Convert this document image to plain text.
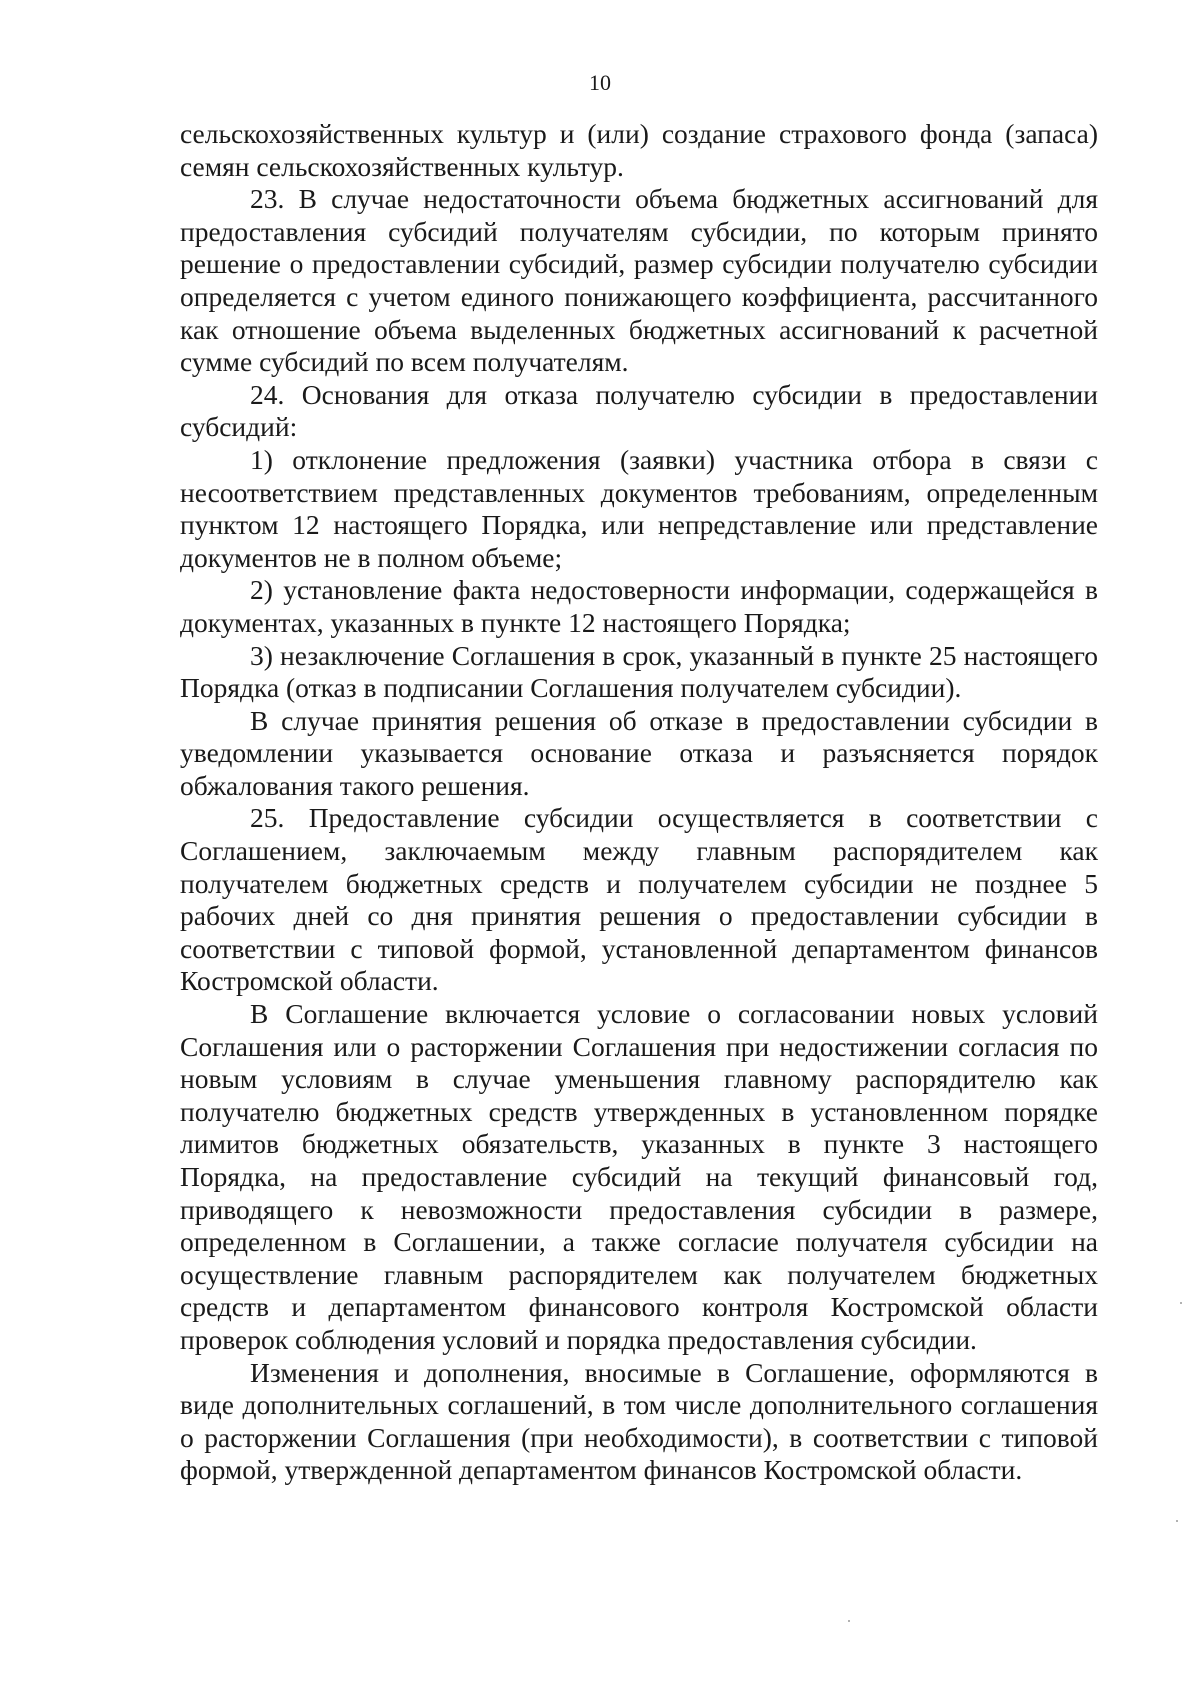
10

сельскохозяйственных культур и (или) создание страхового фонда (запаса) семян сельскохозяйственных культур.

23. В случае недостаточности объема бюджетных ассигнований для предоставления субсидий получателям субсидии, по которым принято решение о предоставлении субсидий, размер субсидии получателю субсидии определяется с учетом единого понижающего коэффициента, рассчитанного как отношение объема выделенных бюджетных ассигнований к расчетной сумме субсидий по всем получателям.

24. Основания для отказа получателю субсидии в предоставлении субсидий:

1) отклонение предложения (заявки) участника отбора в связи с несоответствием представленных документов требованиям, определенным пунктом 12 настоящего Порядка, или непредставление или представление документов не в полном объеме;

2) установление факта недостоверности информации, содержащейся в документах, указанных в пункте 12 настоящего Порядка;

3) незаключение Соглашения в срок, указанный в пункте 25 настоящего Порядка (отказ в подписании Соглашения получателем субсидии).

В случае принятия решения об отказе в предоставлении субсидии в уведомлении указывается основание отказа и разъясняется порядок обжалования такого решения.

25. Предоставление субсидии осуществляется в соответствии с Соглашением, заключаемым между главным распорядителем как получателем бюджетных средств и получателем субсидии не позднее 5 рабочих дней со дня принятия решения о предоставлении субсидии в соответствии с типовой формой, установленной департаментом финансов Костромской области.

В Соглашение включается условие о согласовании новых условий Соглашения или о расторжении Соглашения при недостижении согласия по новым условиям в случае уменьшения главному распорядителю как получателю бюджетных средств утвержденных в установленном порядке лимитов бюджетных обязательств, указанных в пункте 3 настоящего Порядка, на предоставление субсидий на текущий финансовый год, приводящего к невозможности предоставления субсидии в размере, определенном в Соглашении, а также согласие получателя субсидии на осуществление главным распорядителем как получателем бюджетных средств и департаментом финансового контроля Костромской области проверок соблюдения условий и порядка предоставления субсидии.

Изменения и дополнения, вносимые в Соглашение, оформляются в виде дополнительных соглашений, в том числе дополнительного соглашения о расторжении Соглашения (при необходимости), в соответствии с типовой формой, утвержденной департаментом финансов Костромской области.
